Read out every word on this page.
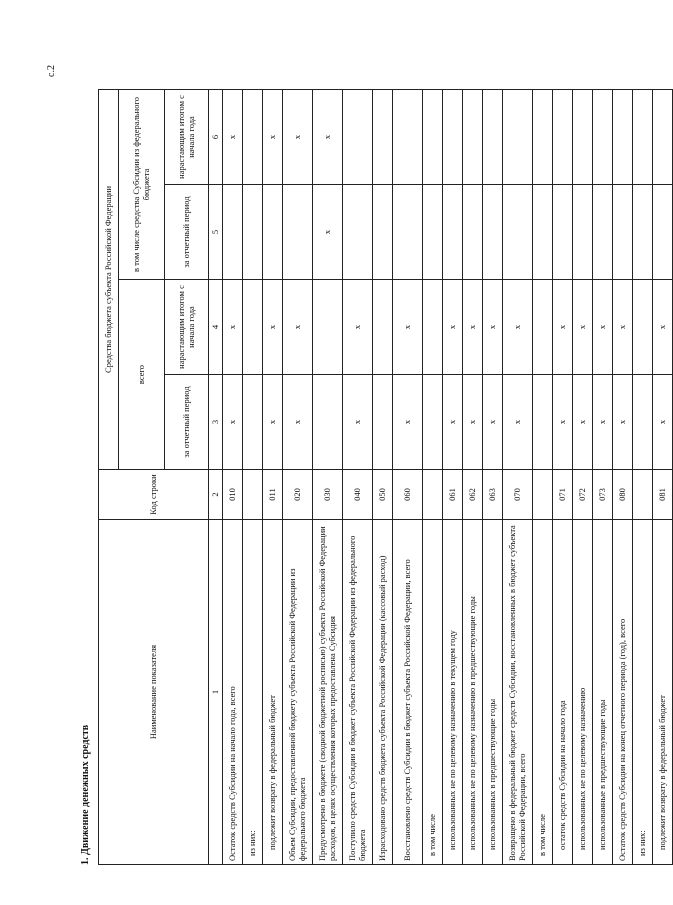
с.2
1. Движение денежных средств
Наименование показателя	Код строки	Средства бюджета субъекта Российской Федерации			
		всего		в том числе средства Субсидии из федерального бюджета	
		за отчетный период	нарастающим итогом с начала года	за отчетный период	нарастающим итогом с начала года
1	2	3	4	5	6
Остаток средств Субсидии на начало года, всего	010	x	x		x
из них:					
подлежит возврату в федеральный бюджет	011	x	x		x
Объем Субсидии, предоставленной бюджету субъекта Российской Федерации из федерального бюджета	020	x	x		x
Предусмотрено в бюджете (сводной бюджетной росписью) субъекта Российской Федерации расходов, в целях осуществления которых предоставлена Субсидия	030			x	x
Поступило средств Субсидии в бюджет субъекта Российской Федерации из федерального бюджета	040	x	x		
Израсходовано средств бюджета субъекта Российской Федерации (кассовый расход)	050				
Восстановлено средств Субсидии в бюджет субъекта Российской Федерации, всего	060	x	x		
в том числе					
использованных не по целевому назначению в текущем году	061	x	x		
использованных не по целевому назначению в предшествующие годы	062	x	x		
использованных в предшествующие годы	063	x	x		
Возвращено в федеральный бюджет средств Субсидии, восстановленных в бюджет субъекта Российской Федерации, всего	070	x	x		
в том числе					
остаток средств Субсидии на начало года	071	x	x		
использованных не по целевому назначению	072	x	x		
использованные в предшествующие годы	073	x	x		
Остаток средств Субсидии на конец отчетного периода (год), всего	080	x	x		
из них:					
подлежит возврату в федеральный бюджет	081	x	x		
